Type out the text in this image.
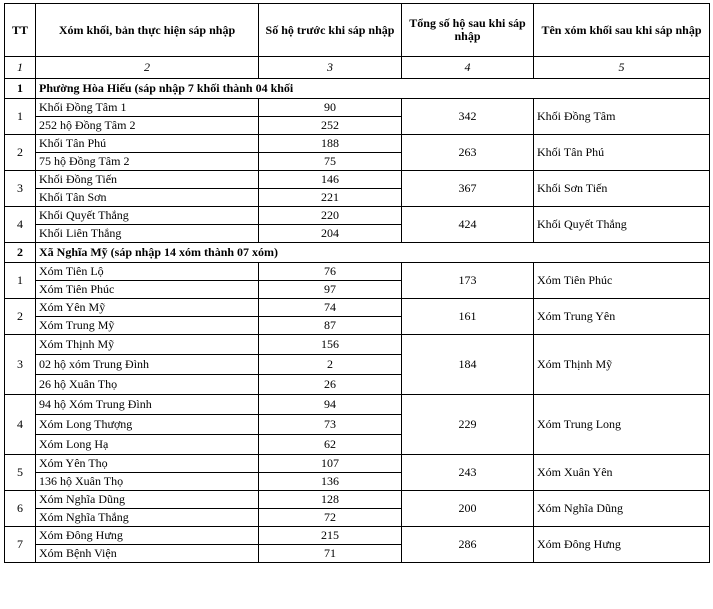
TT	Xóm khối, bản thực hiện sáp nhập	Số hộ trước khi sáp nhập	Tổng số hộ sau khi sáp nhập	Tên xóm khối sau khi sáp nhập
1	2	3	4	5
1	Phường Hòa Hiếu (sáp nhập 7 khối thành 04 khối			
1	Khối Đồng Tâm 1	90	342	Khối Đồng Tâm
	252 hộ Đồng Tâm 2	252		
2	Khối Tân Phú	188	263	Khối Tân Phú
	75 hộ Đồng Tâm 2	75		
3	Khối Đồng Tiến	146	367	Khối Sơn Tiến
	Khối Tân Sơn	221		
4	Khối Quyết Thắng	220	424	Khối Quyết Thắng
	Khối Liên Thắng	204		
2	Xã Nghĩa Mỹ (sáp nhập 14 xóm thành 07 xóm)			
1	Xóm Tiên Lộ	76	173	Xóm Tiên Phúc
	Xóm Tiên Phúc	97		
2	Xóm Yên Mỹ	74	161	Xóm Trung Yên
	Xóm Trung Mỹ	87		
3	Xóm Thịnh Mỹ	156	184	Xóm Thịnh Mỹ
	02 hộ xóm Trung Đình	2		
	26 hộ Xuân Thọ	26		
4	94 hộ Xóm Trung Đình	94	229	Xóm Trung Long
	Xóm Long Thượng	73		
	Xóm Long Hạ	62		
5	Xóm Yên Thọ	107	243	Xóm Xuân Yên
	136 hộ Xuân Thọ	136		
6	Xóm Nghĩa Dũng	128	200	Xóm Nghĩa Dũng
	Xóm Nghĩa Thắng	72		
7	Xóm Đông Hưng	215	286	Xóm Đông Hưng
	Xóm Bệnh Viện	71		
